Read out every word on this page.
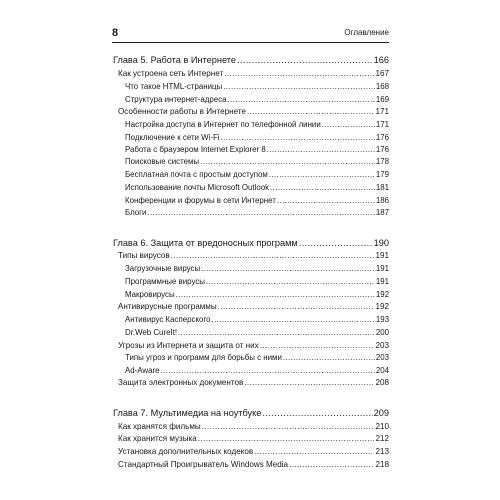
8	Оглавление
Глава 5. Работа в Интернете .....	166
Как устроена сеть Интернет .....	167
Что такое HTML-страницы .....	168
Структура интернет-адреса .....	169
Особенности работы в Интернете .....	171
Настройка доступа в Интернет по телефонной линии .....	171
Подключение к сети Wi-Fi .....	176
Работа с браузером Internet Explorer 8 .....	176
Поисковые системы .....	178
Бесплатная почта с простым доступом .....	179
Использование почты Microsoft Outlook .....	181
Конференции и форумы в сети Интернет .....	186
Блоги .....	187
Глава 6. Защита от вредоносных программ .....	190
Типы вирусов .....	191
Загрузочные вирусы .....	191
Программные вирусы .....	191
Макровирусы .....	192
Антивирусные программы .....	192
Антивирус Касперского .....	193
Dr.Web CureIt! .....	200
Угрозы из Интернета и защита от них .....	203
Типы угроз и программ для борьбы с ними .....	203
Ad-Aware .....	204
Защита электронных документов .....	208
Глава 7. Мультимедиа на ноутбуке .....	209
Как хранятся фильмы .....	210
Как хранится музыка .....	212
Установка дополнительных кодеков .....	213
Стандартный Проигрыватель Windows Media .....	218
